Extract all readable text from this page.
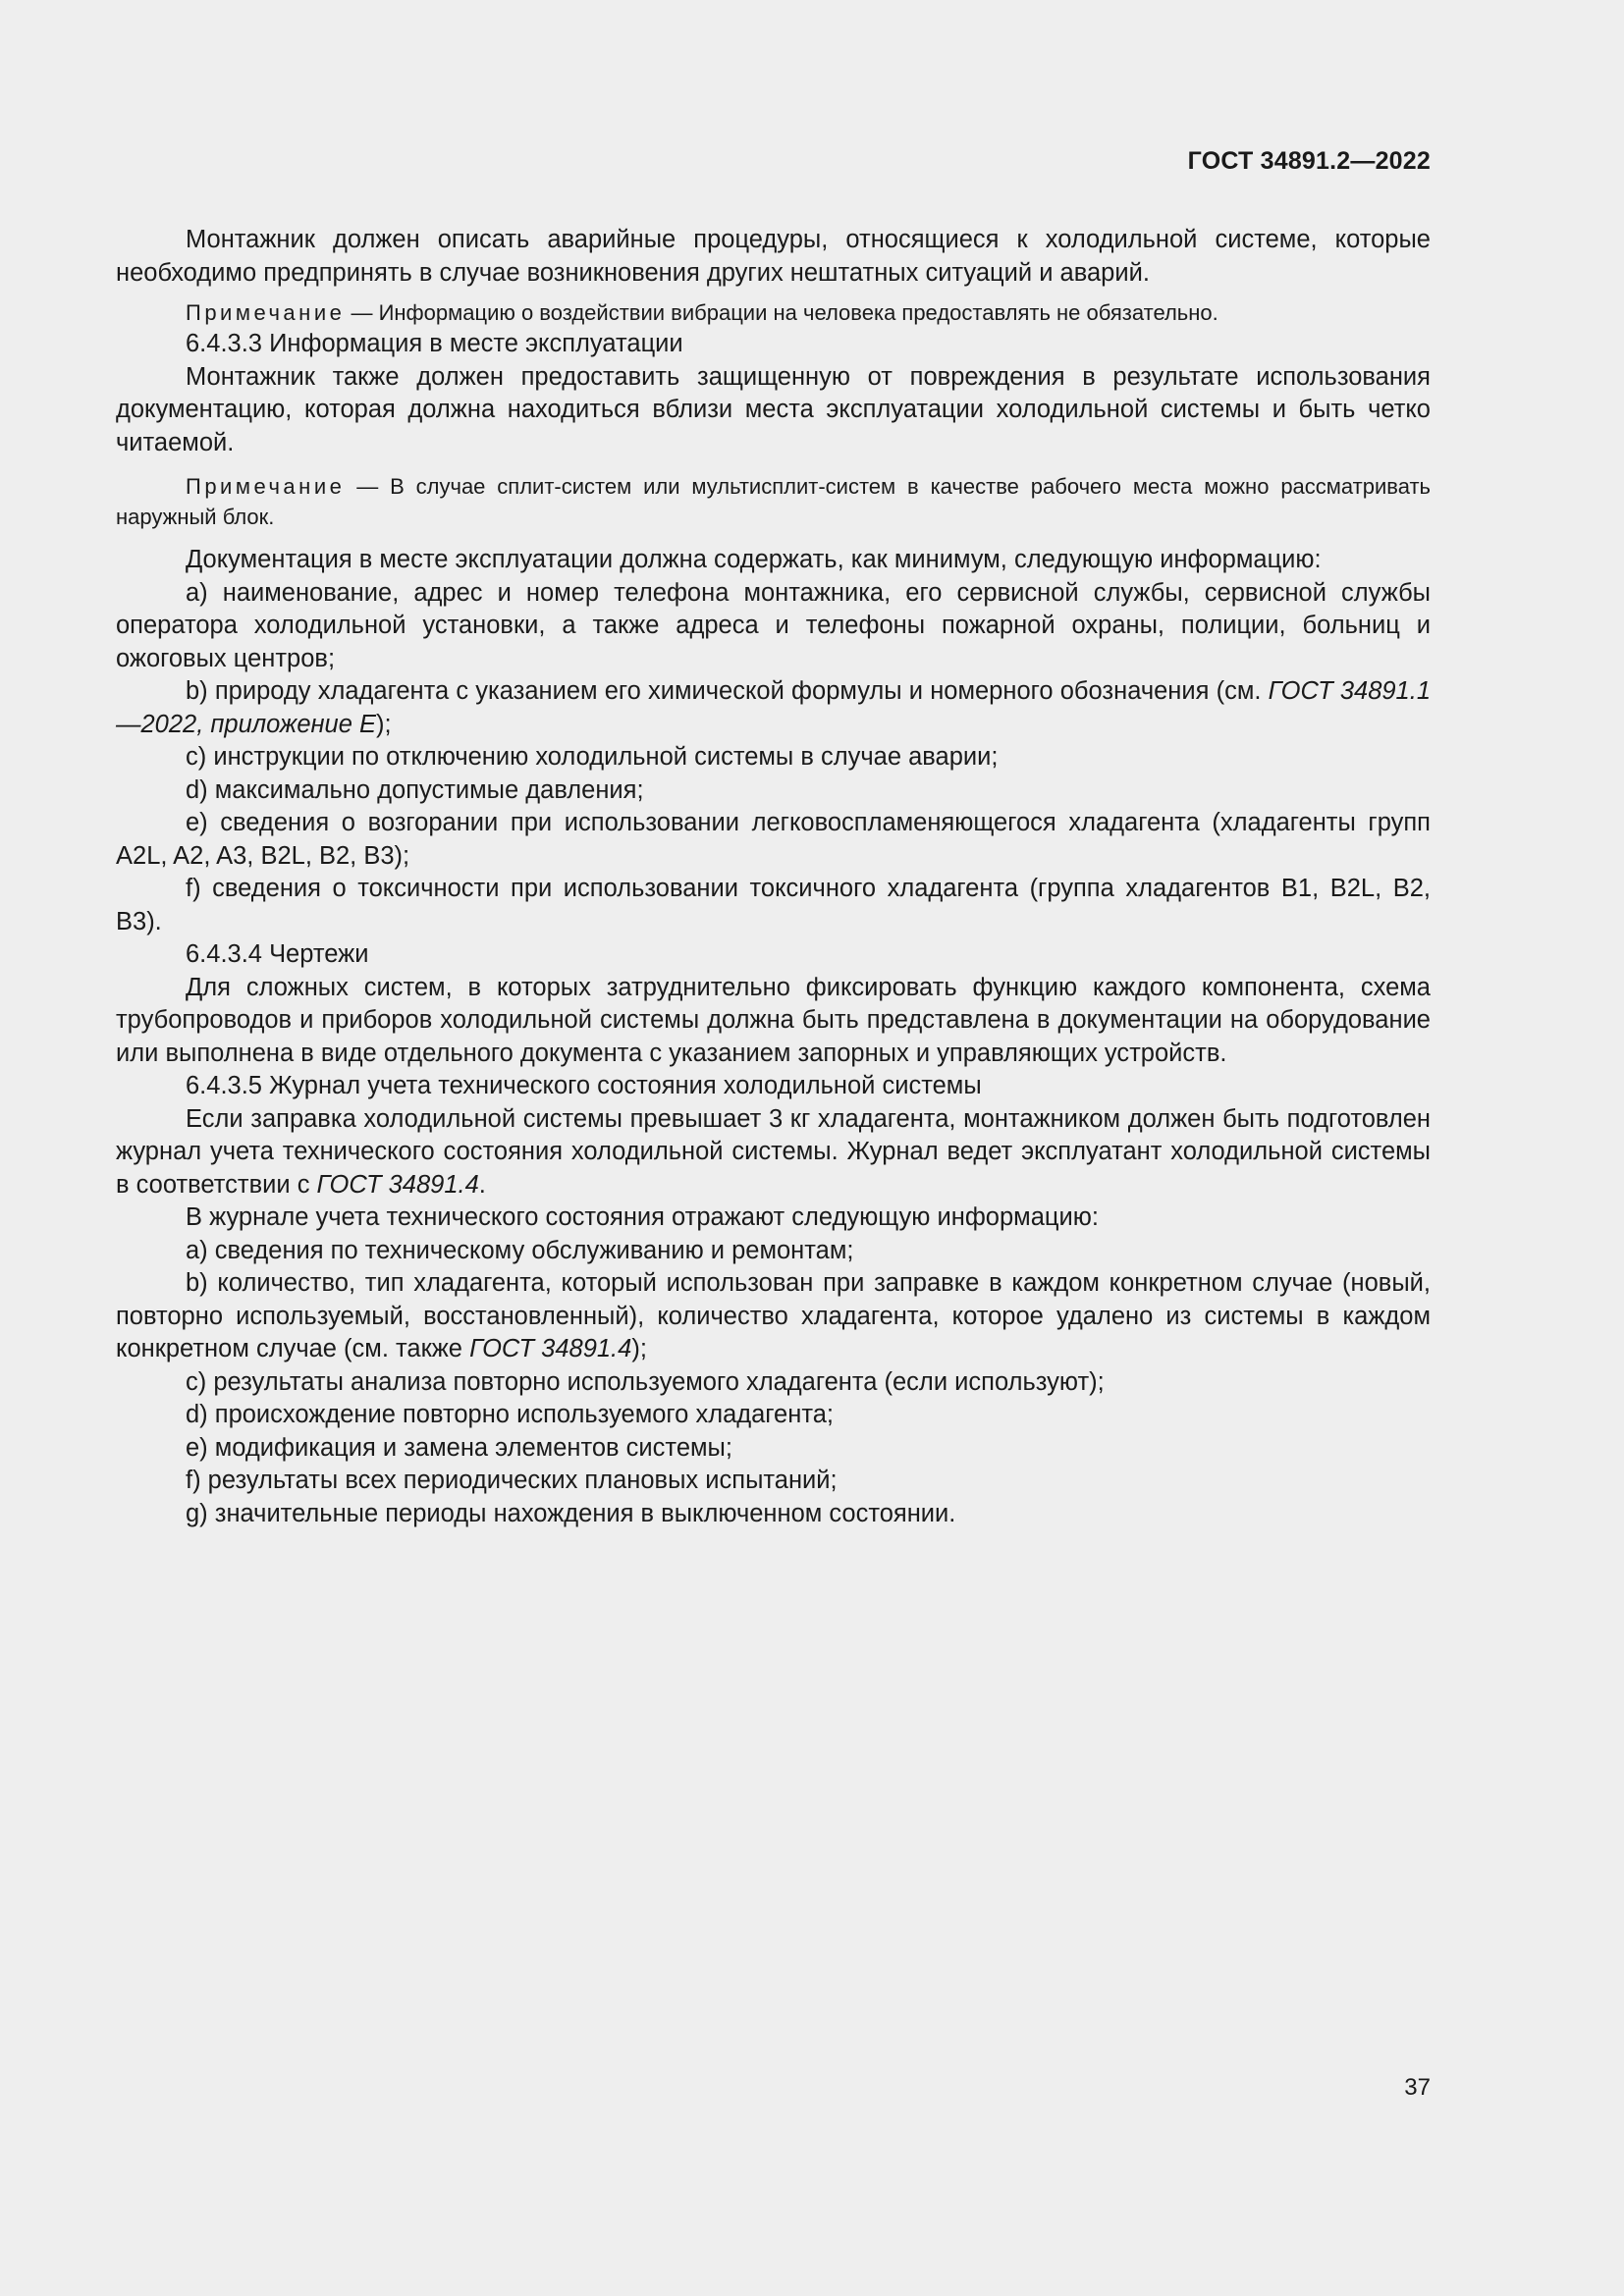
ГОСТ 34891.2—2022

Монтажник должен описать аварийные процедуры, относящиеся к холодильной системе, которые необходимо предпринять в случае возникновения других нештатных ситуаций и аварий.

Примечание — Информацию о воздействии вибрации на человека предоставлять не обязательно.

6.4.3.3 Информация в месте эксплуатации

Монтажник также должен предоставить защищенную от повреждения в результате использования документацию, которая должна находиться вблизи места эксплуатации холодильной системы и быть четко читаемой.

Примечание — В случае сплит-систем или мультисплит-систем в качестве рабочего места можно рассматривать наружный блок.

Документация в месте эксплуатации должна содержать, как минимум, следующую информацию:

a) наименование, адрес и номер телефона монтажника, его сервисной службы, сервисной службы оператора холодильной установки, а также адреса и телефоны пожарной охраны, полиции, больниц и ожоговых центров;

b) природу хладагента с указанием его химической формулы и номерного обозначения (см. ГОСТ 34891.1—2022, приложение Е);

c) инструкции по отключению холодильной системы в случае аварии;

d) максимально допустимые давления;

e) сведения о возгорании при использовании легковоспламеняющегося хладагента (хладагенты групп A2L, A2, A3, B2L, B2, B3);

f) сведения о токсичности при использовании токсичного хладагента (группа хладагентов B1, B2L, B2, B3).

6.4.3.4 Чертежи

Для сложных систем, в которых затруднительно фиксировать функцию каждого компонента, схема трубопроводов и приборов холодильной системы должна быть представлена в документации на оборудование или выполнена в виде отдельного документа с указанием запорных и управляющих устройств.

6.4.3.5 Журнал учета технического состояния холодильной системы

Если заправка холодильной системы превышает 3 кг хладагента, монтажником должен быть подготовлен журнал учета технического состояния холодильной системы. Журнал ведет эксплуатант холодильной системы в соответствии с ГОСТ 34891.4.

В журнале учета технического состояния отражают следующую информацию:

a) сведения по техническому обслуживанию и ремонтам;

b) количество, тип хладагента, который использован при заправке в каждом конкретном случае (новый, повторно используемый, восстановленный), количество хладагента, которое удалено из системы в каждом конкретном случае (см. также ГОСТ 34891.4);

c) результаты анализа повторно используемого хладагента (если используют);

d) происхождение повторно используемого хладагента;

e) модификация и замена элементов системы;

f) результаты всех периодических плановых испытаний;

g) значительные периоды нахождения в выключенном состоянии.

37
